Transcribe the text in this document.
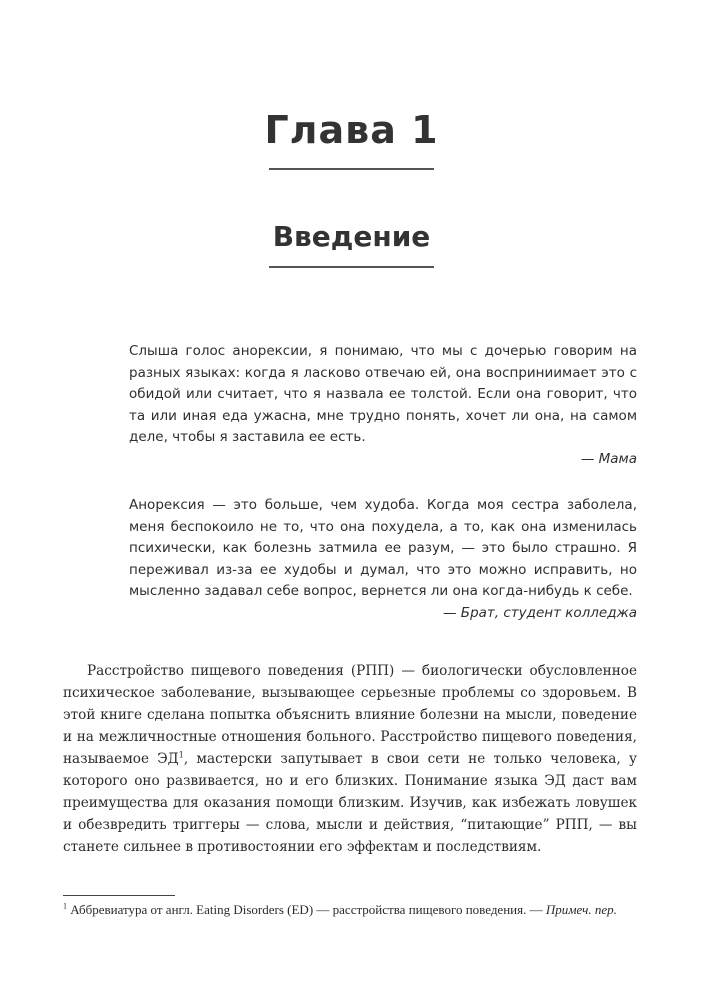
Глава 1
Введение

Слыша голос анорексии, я понимаю, что мы с дочерью говорим на разных языках: когда я ласково отвечаю ей, она восприниимает это с обидой или считает, что я назвала ее толстой. Если она говорит, что та или иная еда ужасна, мне трудно понять, хочет ли она, на самом деле, чтобы я заставила ее есть.

— Мама

Анорексия — это больше, чем худоба. Когда моя сестра заболела, меня беспокоило не то, что она похудела, а то, как она изменилась психически, как болезнь затмила ее разум, — это было страшно. Я переживал из-за ее худобы и думал, что это можно исправить, но мысленно задавал себе вопрос, вернется ли она когда-нибудь к себе.

— Брат, студент колледжа

Расстройство пищевого поведения (РПП) — биологически обусловленное психическое заболевание, вызывающее серьезные проблемы со здоровьем. В этой книге сделана попытка объяснить влияние болезни на мысли, поведение и на межличностные отношения больного. Расстройство пищевого поведения, называемое $ЭД^1$, мастерски запутывает в свои сети не только человека, у которого оно развивается, но и его близких. Понимание языка ЭД даст вам преимущества для оказания помощи близким. Изучив, как избежать ловушек и обезвредить триггеры — слова, мысли и действия, “питающие” РПП, — вы станете сильнее в противостоянии его эффектам и последствиям.

$^1$ Аббревиатура от англ. Eating Disorders (ED) — расстройства пищевого поведения. — Примеч. пер.
